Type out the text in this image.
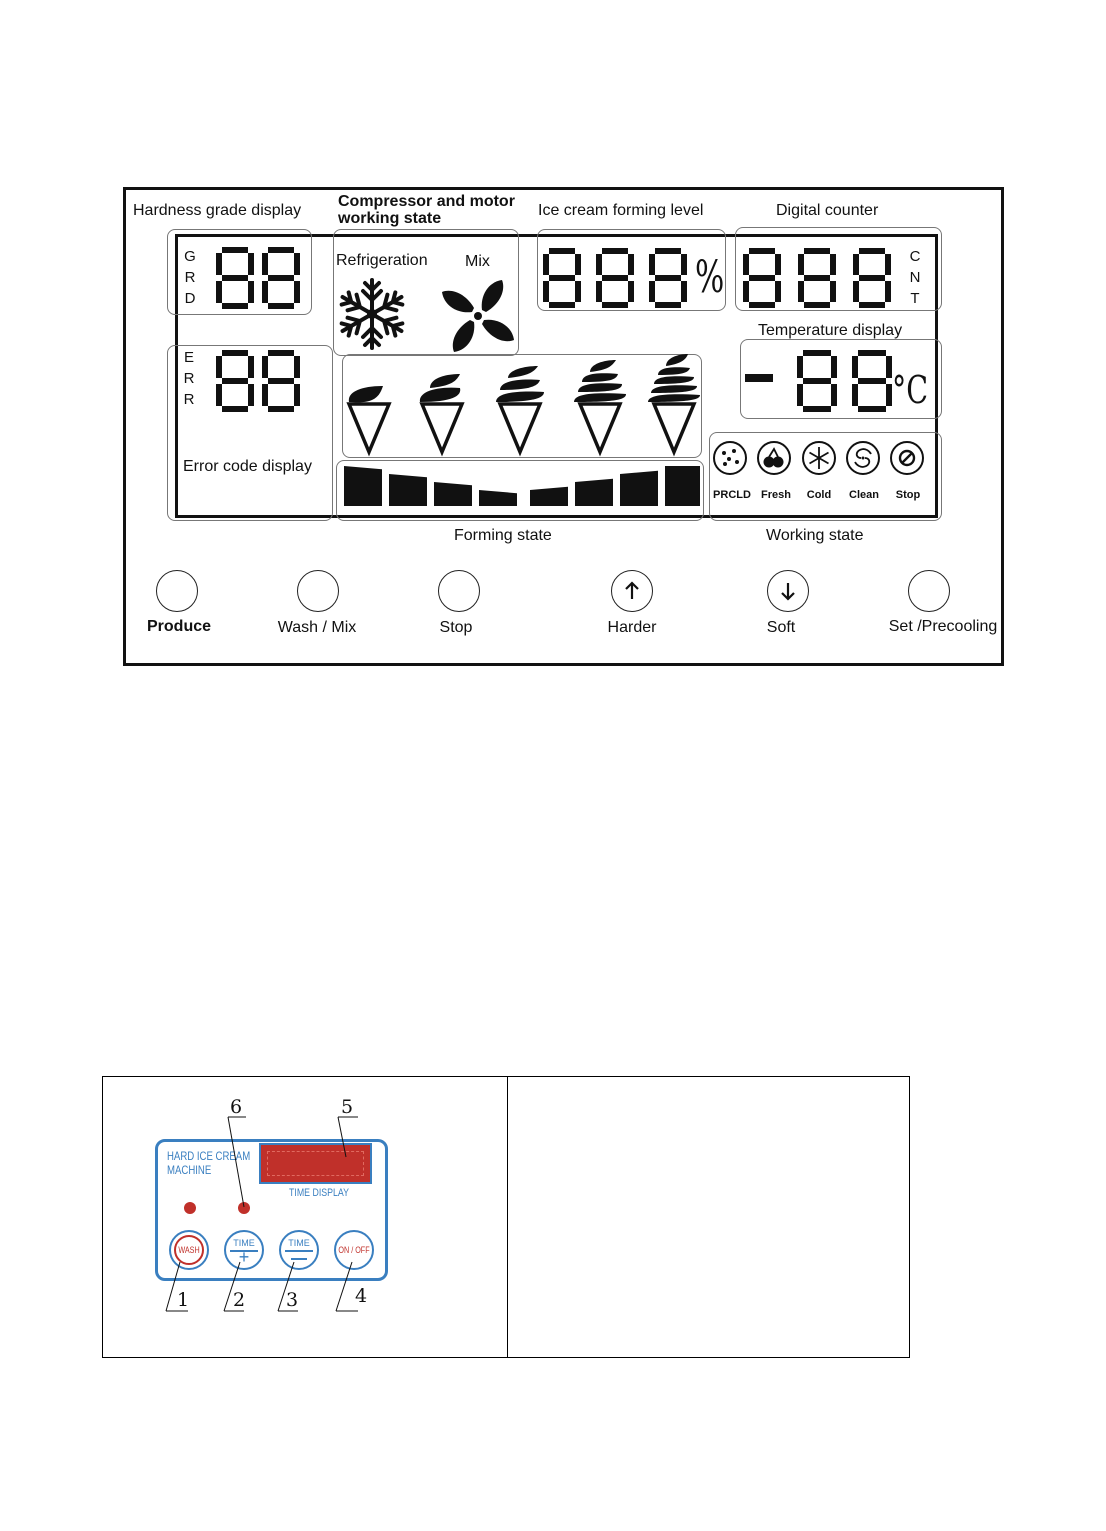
Hardness grade display
Compressor and motor
working state	Ice cream forming level	Digital counter
Temperature display
Error code display
Forming state	Working state
G
R
D
E
R
R
C
N
T
%
°C
Refrigeration Mix
PRCLD Fresh Cold Clean Stop
Produce	Wash / Mix	Stop	Harder	Soft	Set /Precooling
HARD ICE CREAM
MACHINE
TIME DISPLAY
WASH
TIME
+
TIME
ON / OFF
6	5
1 2 3	4
